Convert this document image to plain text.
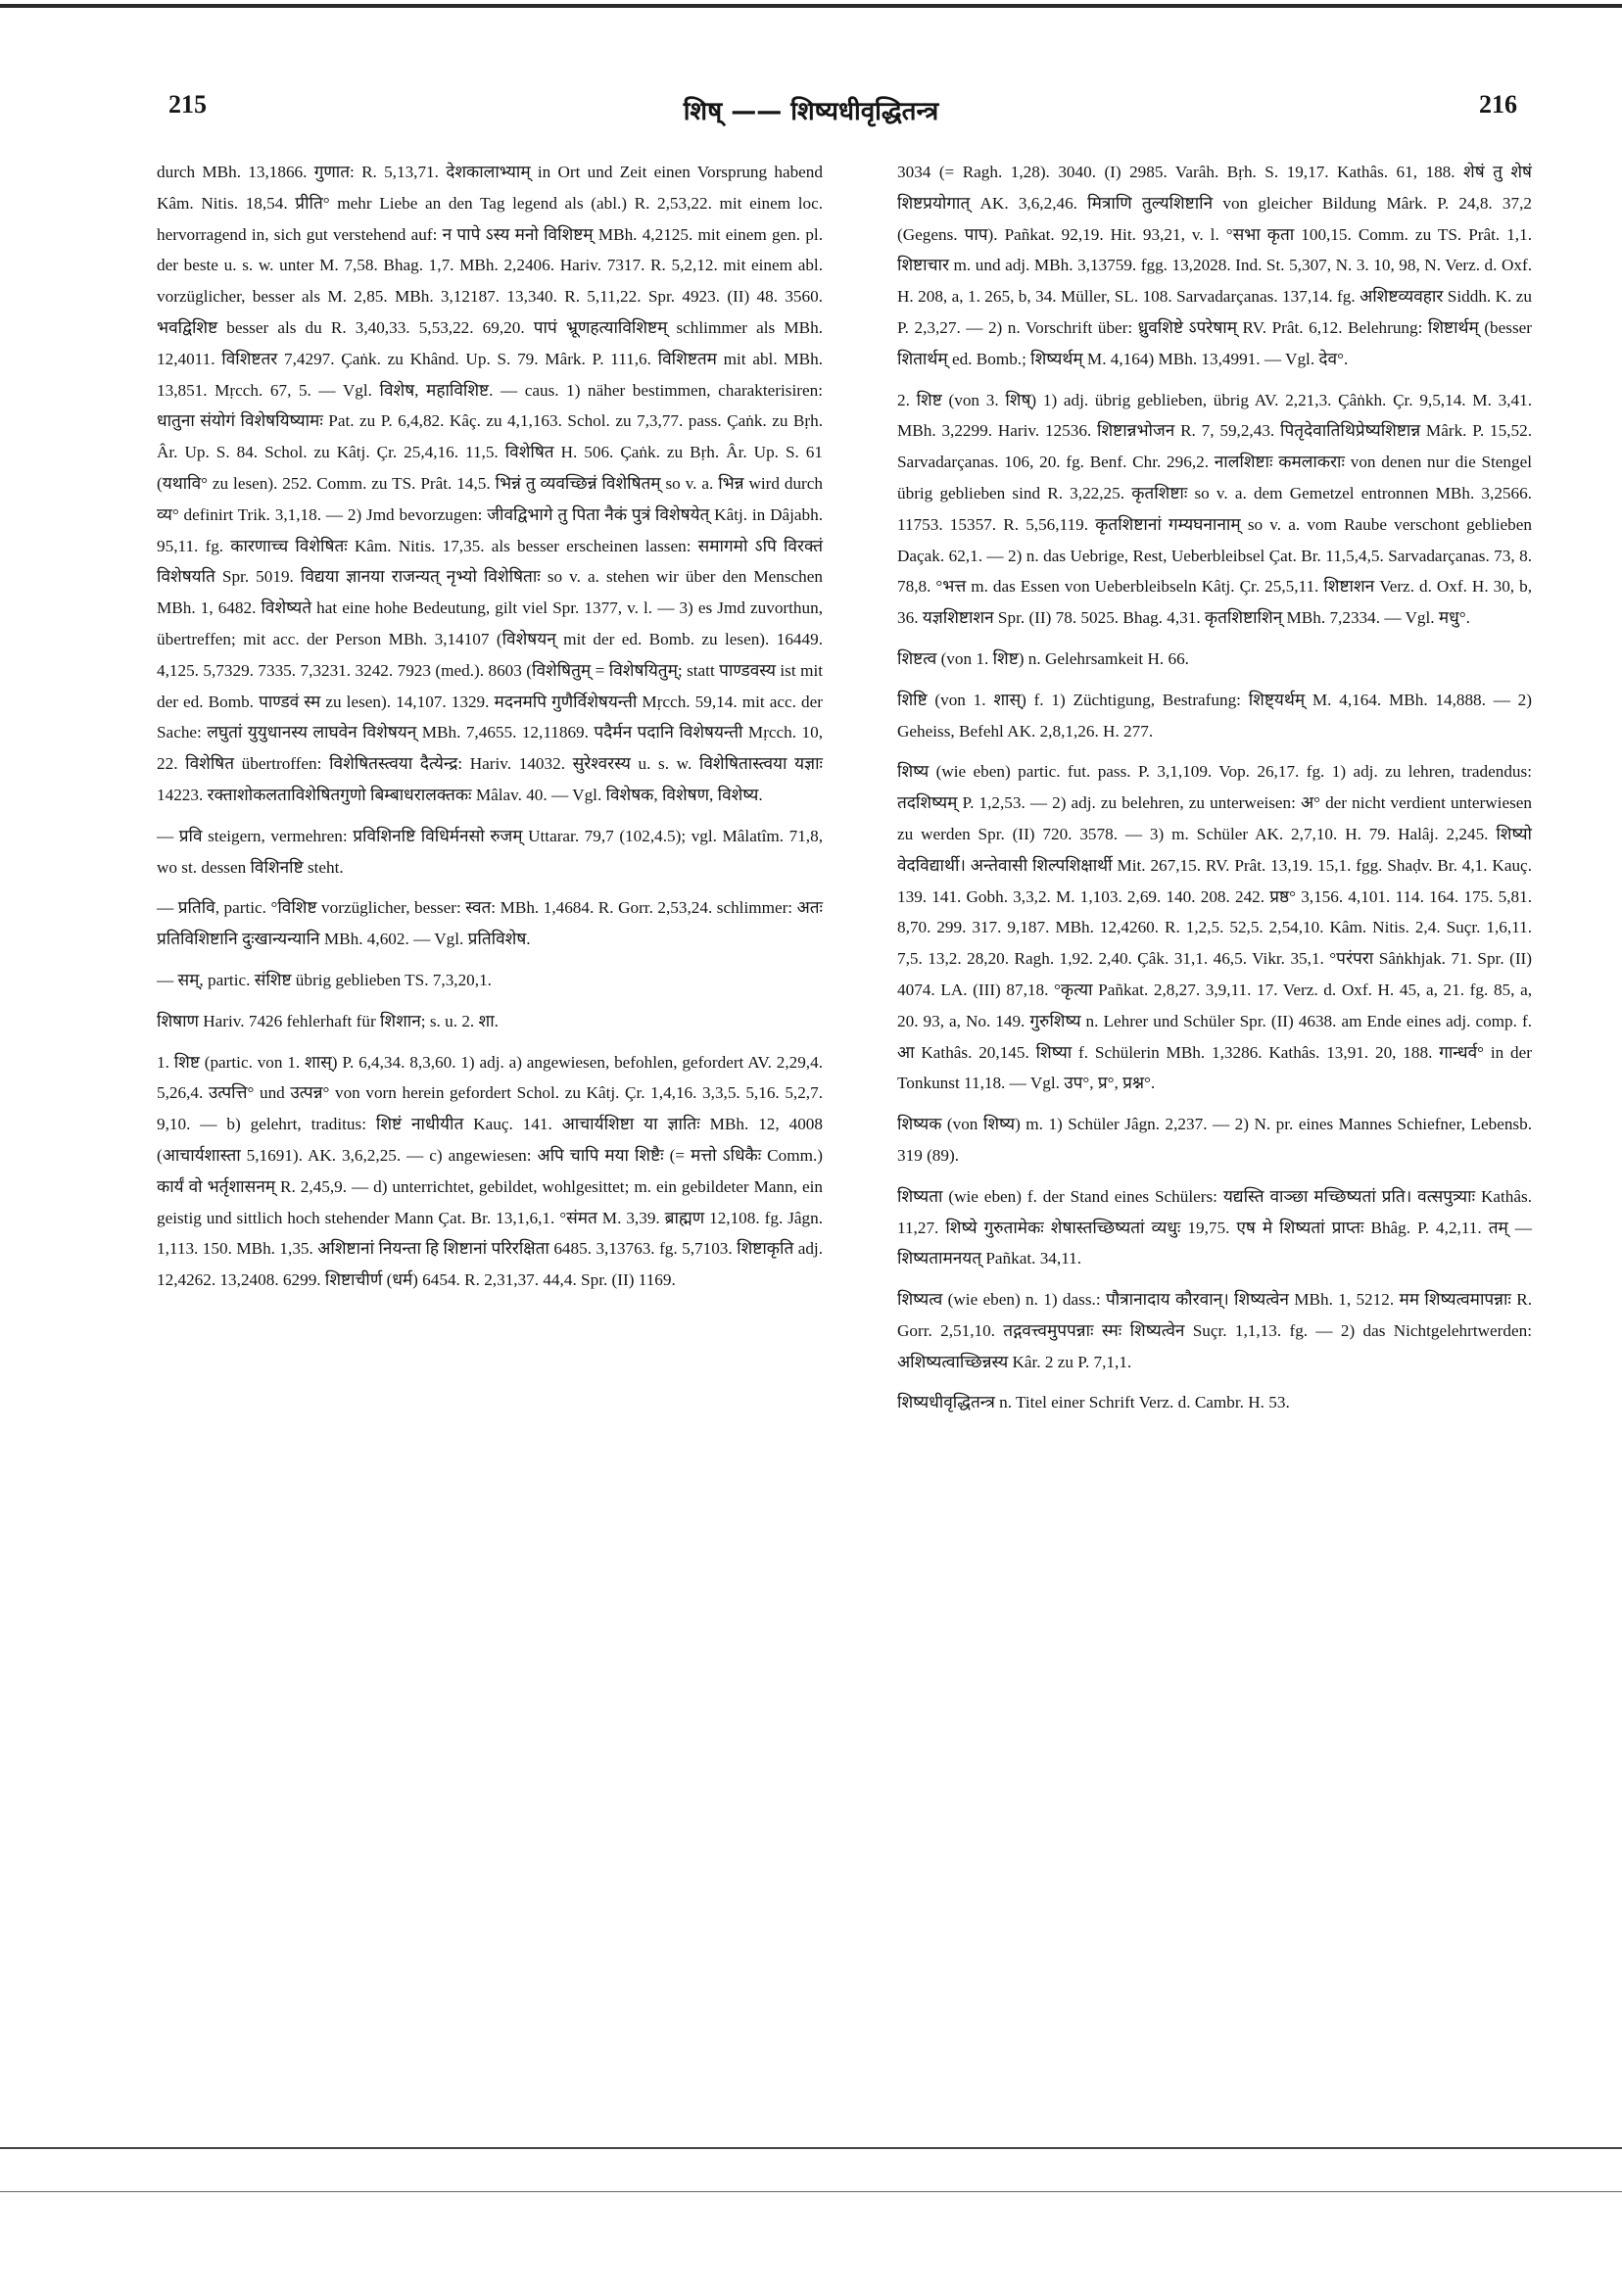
215	शिष् —— शिष्यधीवृद्धितन्त्र	216

durch MBh. 13,1866. गुणात: R. 5,13,71. देशकालाभ्याम् in Ort und Zeit einen Vorsprung habend Kâm. Nitis. 18,54. प्रीति° mehr Liebe an den Tag legend als (abl.) R. 2,53,22. mit einem loc. hervorragend in, sich gut verstehend auf: न पापे ऽस्य मनो विशिष्टम् MBh. 4,2125. mit einem gen. pl. der beste u. s. w. unter M. 7,58. Bhag. 1,7. MBh. 2,2406. Hariv. 7317. R. 5,2,12. mit einem abl. vorzüglicher, besser als M. 2,85. MBh. 3,12187. 13,340. R. 5,11,22. Spr. 4923. (II) 48. 3560. भवद्विशिष्ट besser als du R. 3,40,33. 5,53,22. 69,20. पापं भ्रूणहत्याविशिष्टम् schlimmer als MBh. 12,4011. विशिष्टतर 7,4297. Çaṅk. zu Khând. Up. S. 79. Mârk. P. 111,6. विशिष्टतम mit abl. MBh. 13,851. Mṛcch. 67, 5. — Vgl. विशेष, महाविशिष्ट. — caus. 1) näher bestimmen, charakterisiren: धातुना संयोगं विशेषयिष्यामः Pat. zu P. 6,4,82. Kâç. zu 4,1,163. Schol. zu 7,3,77. pass. Çaṅk. zu Bṛh. Âr. Up. S. 84. Schol. zu Kâtj. Çr. 25,4,16. 11,5. विशेषित H. 506. Çaṅk. zu Bṛh. Âr. Up. S. 61 (यथावि° zu lesen). 252. Comm. zu TS. Prât. 14,5. भिन्नं तु व्यवच्छिन्नं विशेषितम् so v. a. भिन्न wird durch व्य° definirt Trik. 3,1,18. — 2) Jmd bevorzugen: जीवद्विभागे तु पिता नैकं पुत्रं विशेषयेत् Kâtj. in Dâjabh. 95,11. fg. कारणाच्च विशेषितः Kâm. Nitis. 17,35. als besser erscheinen lassen: समागमो ऽपि विरक्तं विशेषयति Spr. 5019. विद्यया ज्ञानया राजन्यत् नृभ्यो विशेषिताः so v. a. stehen wir über den Menschen MBh. 1, 6482. विशेष्यते hat eine hohe Bedeutung, gilt viel Spr. 1377, v. l. — 3) es Jmd zuvorthun, übertreffen; mit acc. der Person MBh. 3,14107 (विशेषयन् mit der ed. Bomb. zu lesen). 16449. 4,125. 5,7329. 7335. 7,3231. 3242. 7923 (med.). 8603 (विशेषितुम् = विशेषयितुम्; statt पाण्डवस्य ist mit der ed. Bomb. पाण्डवं स्म zu lesen). 14,107. 1329. मदनमपि गुणैर्विशेषयन्ती Mṛcch. 59,14. mit acc. der Sache: लघुतां युयुधानस्य लाघवेन विशेषयन् MBh. 7,4655. 12,11869. पदैर्मन पदानि विशेषयन्ती Mṛcch. 10, 22. विशेषित übertroffen: विशेषितस्त्वया दैत्येन्द्र: Hariv. 14032. सुरेश्वरस्य u. s. w. विशेषितास्त्वया यज्ञाः 14223. रक्ताशोकलताविशेषितगुणो बिम्बाधरालक्तकः Mâlav. 40. — Vgl. विशेषक, विशेषण, विशेष्य.

— प्रवि steigern, vermehren: प्रविशिनष्टि विधिर्मनसो रुजम् Uttarar. 79,7 (102,4.5); vgl. Mâlatîm. 71,8, wo st. dessen विशिनष्टि steht.

— प्रतिवि, partic. °विशिष्ट vorzüglicher, besser: स्वत: MBh. 1,4684. R. Gorr. 2,53,24. schlimmer: अतः प्रतिविशिष्टानि दुःखान्यन्यानि MBh. 4,602. — Vgl. प्रतिविशेष.

— सम्, partic. संशिष्ट übrig geblieben TS. 7,3,20,1.

शिषाण Hariv. 7426 fehlerhaft für शिशान; s. u. 2. शा.

1. शिष्ट (partic. von 1. शास्) P. 6,4,34. 8,3,60. 1) adj. a) angewiesen, befohlen, gefordert AV. 2,29,4. 5,26,4. उत्पत्ति° und उत्पन्न° von vorn herein gefordert Schol. zu Kâtj. Çr. 1,4,16. 3,3,5. 5,16. 5,2,7. 9,10. — b) gelehrt, traditus: शिष्टं नाधीयीत Kauç. 141. आचार्यशिष्टा या ज्ञातिः MBh. 12, 4008 (आचार्यशास्ता 5,1691). AK. 3,6,2,25. — c) angewiesen: अपि चापि मया शिष्टैः (= मत्तो ऽधिकैः Comm.) कार्यं वो भर्तृशासनम् R. 2,45,9. — d) unterrichtet, gebildet, wohlgesittet; m. ein gebildeter Mann, ein geistig und sittlich hoch stehender Mann Çat. Br. 13,1,6,1. °संमत M. 3,39. ब्राह्मण 12,108. fg. Jâgn. 1,113. 150. MBh. 1,35. अशिष्टानां नियन्ता हि शिष्टानां परिरक्षिता 6485. 3,13763. fg. 5,7103. शिष्टाकृति adj. 12,4262. 13,2408. 6299. शिष्टाचीर्ण (धर्म) 6454. R. 2,31,37. 44,4. Spr. (II) 1169.

3034 (= Ragh. 1,28). 3040. (I) 2985. Varâh. Bṛh. S. 19,17. Kathâs. 61, 188. शेषं तु शेषं शिष्टप्रयोगात् AK. 3,6,2,46. मित्राणि तुल्यशिष्टानि von gleicher Bildung Mârk. P. 24,8. 37,2 (Gegens. पाप). Pañkat. 92,19. Hit. 93,21, v. l. °सभा कृता 100,15. Comm. zu TS. Prât. 1,1. शिष्टाचार m. und adj. MBh. 3,13759. fgg. 13,2028. Ind. St. 5,307, N. 3. 10, 98, N. Verz. d. Oxf. H. 208, a, 1. 265, b, 34. Müller, SL. 108. Sarvadarçanas. 137,14. fg. अशिष्टव्यवहार Siddh. K. zu P. 2,3,27. — 2) n. Vorschrift über: ध्रुवशिष्टे ऽपरेषाम् RV. Prât. 6,12. Belehrung: शिष्टार्थम् (besser शितार्थम् ed. Bomb.; शिष्यर्थम् M. 4,164) MBh. 13,4991. — Vgl. देव°.

2. शिष्ट (von 3. शिष्) 1) adj. übrig geblieben, übrig AV. 2,21,3. Çâṅkh. Çr. 9,5,14. M. 3,41. MBh. 3,2299. Hariv. 12536. शिष्टान्नभोजन R. 7, 59,2,43. पितृदेवातिथिप्रेष्यशिष्टान्न Mârk. P. 15,52. Sarvadarçanas. 106, 20. fg. Benf. Chr. 296,2. नालशिष्टाः कमलाकराः von denen nur die Stengel übrig geblieben sind R. 3,22,25. कृतशिष्टाः so v. a. dem Gemetzel entronnen MBh. 3,2566. 11753. 15357. R. 5,56,119. कृतशिष्टानां गम्यघनानाम् so v. a. vom Raube verschont geblieben Daçak. 62,1. — 2) n. das Uebrige, Rest, Ueberbleibsel Çat. Br. 11,5,4,5. Sarvadarçanas. 73, 8. 78,8. °भत्त m. das Essen von Ueberbleibseln Kâtj. Çr. 25,5,11. शिष्टाशन Verz. d. Oxf. H. 30, b, 36. यज्ञशिष्टाशन Spr. (II) 78. 5025. Bhag. 4,31. कृतशिष्टाशिन् MBh. 7,2334. — Vgl. मधु°.

शिष्टत्व (von 1. शिष्ट) n. Gelehrsamkeit H. 66.

शिष्टि (von 1. शास्) f. 1) Züchtigung, Bestrafung: शिष्ट्यर्थम् M. 4,164. MBh. 14,888. — 2) Geheiss, Befehl AK. 2,8,1,26. H. 277.

शिष्य (wie eben) partic. fut. pass. P. 3,1,109. Vop. 26,17. fg. 1) adj. zu lehren, tradendus: तदशिष्यम् P. 1,2,53. — 2) adj. zu belehren, zu unterweisen: अ° der nicht verdient unterwiesen zu werden Spr. (II) 720. 3578. — 3) m. Schüler AK. 2,7,10. H. 79. Halâj. 2,245. शिष्यो वेदविद्यार्थी। अन्तेवासी शिल्पशिक्षार्थी Mit. 267,15. RV. Prât. 13,19. 15,1. fgg. Shaḍv. Br. 4,1. Kauç. 139. 141. Gobh. 3,3,2. M. 1,103. 2,69. 140. 208. 242. प्रष्ठ° 3,156. 4,101. 114. 164. 175. 5,81. 8,70. 299. 317. 9,187. MBh. 12,4260. R. 1,2,5. 52,5. 2,54,10. Kâm. Nitis. 2,4. Suçr. 1,6,11. 7,5. 13,2. 28,20. Ragh. 1,92. 2,40. Çâk. 31,1. 46,5. Vikr. 35,1. °परंपरा Sâṅkhjak. 71. Spr. (II) 4074. LA. (III) 87,18. °कृत्या Pañkat. 2,8,27. 3,9,11. 17. Verz. d. Oxf. H. 45, a, 21. fg. 85, a, 20. 93, a, No. 149. गुरुशिष्य n. Lehrer und Schüler Spr. (II) 4638. am Ende eines adj. comp. f. आ Kathâs. 20,145. शिष्या f. Schülerin MBh. 1,3286. Kathâs. 13,91. 20, 188. गान्धर्व° in der Tonkunst 11,18. — Vgl. उप°, प्र°, प्रश्न°.

शिष्यक (von शिष्य) m. 1) Schüler Jâgn. 2,237. — 2) N. pr. eines Mannes Schiefner, Lebensb. 319 (89).

शिष्यता (wie eben) f. der Stand eines Schülers: यद्यस्ति वाञ्छा मच्छिष्यतां प्रति। वत्सपुत्र्याः Kathâs. 11,27. शिष्ये गुरुतामेकः शेषास्तच्छिष्यतां व्यधुः 19,75. एष मे शिष्यतां प्राप्तः Bhâg. P. 4,2,11. तम् — शिष्यतामनयत् Pañkat. 34,11.

शिष्यत्व (wie eben) n. 1) dass.: पौत्रानादाय कौरवान्। शिष्यत्वेन MBh. 1, 5212. मम शिष्यत्वमापन्नाः R. Gorr. 2,51,10. तद्गवत्त्वमुपपन्नाः स्मः शिष्यत्वेन Suçr. 1,1,13. fg. — 2) das Nichtgelehrtwerden: अशिष्यत्वाच्छिन्नस्य Kâr. 2 zu P. 7,1,1.

शिष्यधीवृद्धितन्त्र n. Titel einer Schrift Verz. d. Cambr. H. 53.
